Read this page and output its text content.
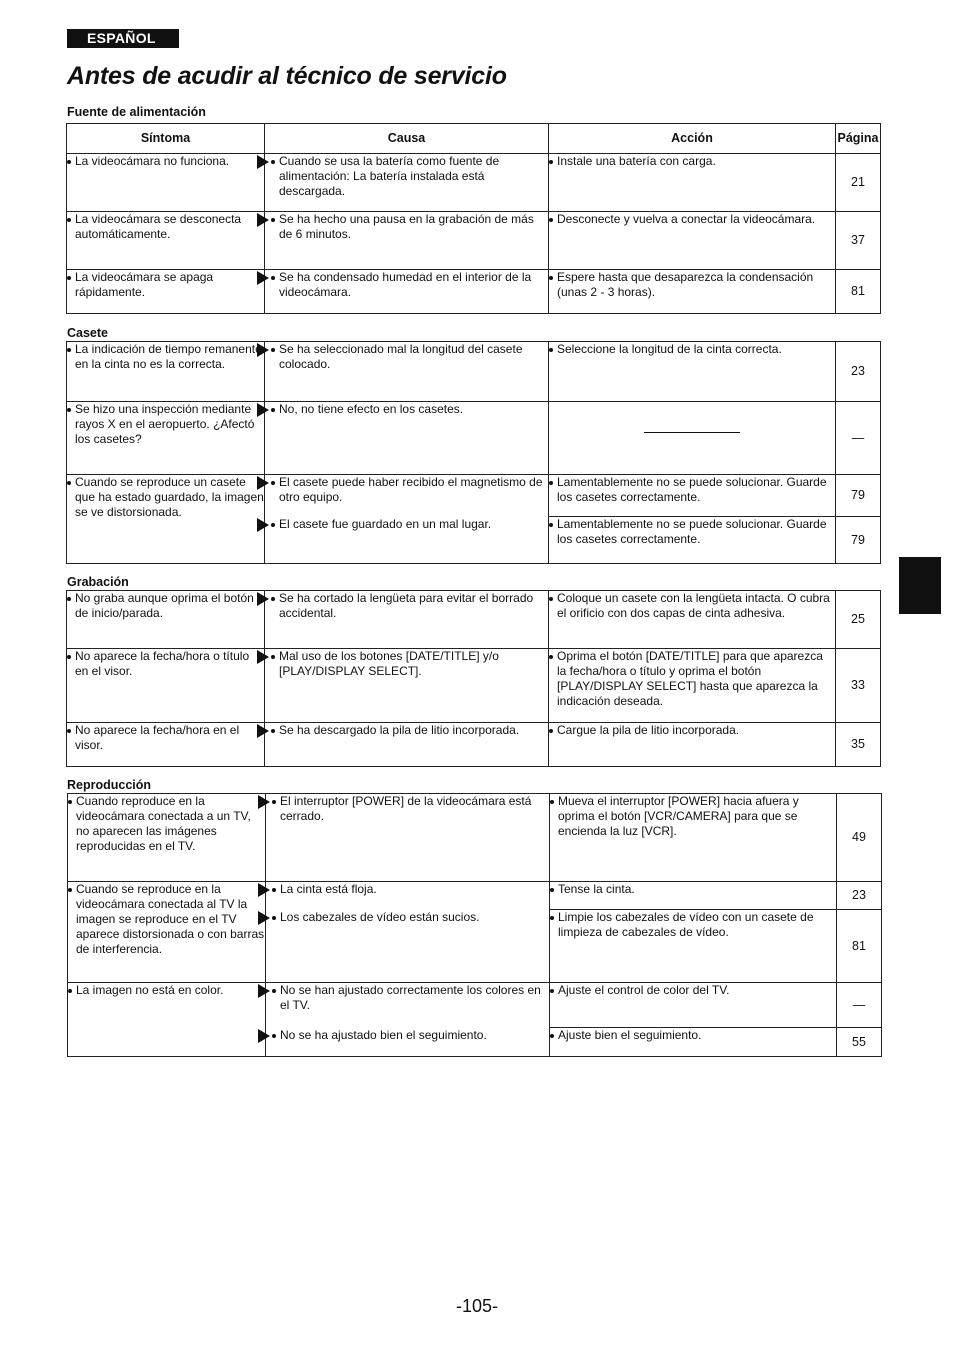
ESPAÑOL
Antes de acudir al técnico de servicio
Fuente de alimentación
Síntoma	Causa	Acción	Página

La videocámara no funciona.	Cuando se usa la batería como fuente de alimentación: La batería instalada está descargada.	Instale una batería con carga.	21

La videocámara se desconecta automáticamente.	Se ha hecho una pausa en la grabación de más de 6 minutos.	Desconecte y vuelva a conectar la videocámara.	37

La videocámara se apaga rápidamente.	Se ha condensado humedad en el interior de la videocámara.	Espere hasta que desaparezca la condensación (unas 2 - 3 horas).	81
Casete
La indicación de tiempo remanente en la cinta no es la correcta.	Se ha seleccionado mal la longitud del casete colocado.	Seleccione la longitud de la cinta correcta.	23

Se hizo una inspección mediante rayos X en el aeropuerto. ¿Afectó los casetes?	No, no tiene efecto en los casetes.		—

Cuando se reproduce un casete que ha estado guardado, la imagen se ve distorsionada.	El casete puede haber recibido el magnetismo de otro equipo.	Lamentablemente no se puede solucionar. Guarde los casetes correctamente.	79

	El casete fue guardado en un mal lugar.	Lamentablemente no se puede solucionar. Guarde los casetes correctamente.	79
Grabación
No graba aunque oprima el botón de inicio/parada.	Se ha cortado la lengüeta para evitar el borrado accidental.	Coloque un casete con la lengüeta intacta. O cubra el orificio con dos capas de cinta adhesiva.	25

No aparece la fecha/hora o título en el visor.	Mal uso de los botones [DATE/TITLE] y/o [PLAY/DISPLAY SELECT].	Oprima el botón [DATE/TITLE] para que aparezca la fecha/hora o título y oprima el botón [PLAY/DISPLAY SELECT] hasta que aparezca la indicación deseada.	33

No aparece la fecha/hora en el visor.	Se ha descargado la pila de litio incorporada.	Cargue la pila de litio incorporada.	35
Reproducción
Cuando reproduce en la videocámara conectada a un TV, no aparecen las imágenes reproducidas en el TV.	El interruptor [POWER] de la videocámara está cerrado.	Mueva el interruptor [POWER] hacia afuera y oprima el botón [VCR/CAMERA] para que se encienda la luz [VCR].	49

Cuando se reproduce en la videocámara conectada al TV la imagen se reproduce en el TV aparece distorsionada o con barras de interferencia.	La cinta está floja.	Tense la cinta.	23

	Los cabezales de vídeo están sucios.	Limpie los cabezales de vídeo con un casete de limpieza de cabezales de vídeo.	81

La imagen no está en color.	No se han ajustado correctamente los colores en el TV.	Ajuste el control de color del TV.	—

	No se ha ajustado bien el seguimiento.	Ajuste bien el seguimiento.	55
-105-
